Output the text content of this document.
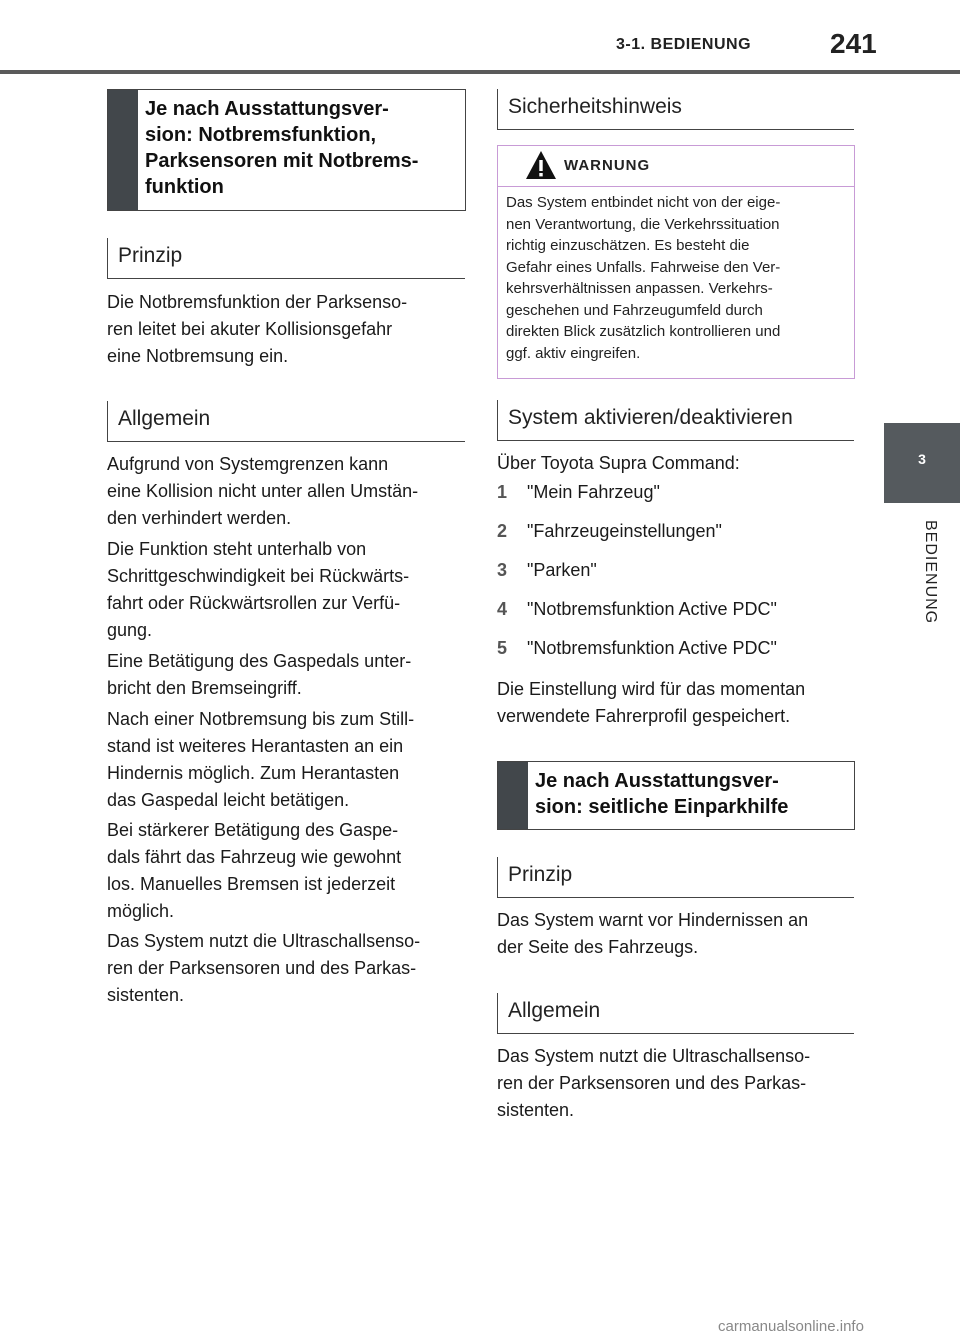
3-1. BEDIENUNG	241
3
BEDIENUNG
Je nach Ausstattungsver-
sion: Notbremsfunktion,
Parksensoren mit Notbrems-
funktion
Prinzip
Die Notbremsfunktion der Parksenso-
ren leitet bei akuter Kollisionsgefahr
eine Notbremsung ein.
Allgemein
Aufgrund von Systemgrenzen kann
eine Kollision nicht unter allen Umstän-
den verhindert werden.
Die Funktion steht unterhalb von
Schrittgeschwindigkeit bei Rückwärts-
fahrt oder Rückwärtsrollen zur Verfü-
gung.
Eine Betätigung des Gaspedals unter-
bricht den Bremseingriff.
Nach einer Notbremsung bis zum Still-
stand ist weiteres Herantasten an ein
Hindernis möglich. Zum Herantasten
das Gaspedal leicht betätigen.
Bei stärkerer Betätigung des Gaspe-
dals fährt das Fahrzeug wie gewohnt
los. Manuelles Bremsen ist jederzeit
möglich.
Das System nutzt die Ultraschallsenso-
ren der Parksensoren und des Parkas-
sistenten.
Sicherheitshinweis
WARNUNG
Das System entbindet nicht von der eige-
nen Verantwortung, die Verkehrssituation
richtig einzuschätzen. Es besteht die
Gefahr eines Unfalls. Fahrweise den Ver-
kehrsverhältnissen anpassen. Verkehrs-
geschehen und Fahrzeugumfeld durch
direkten Blick zusätzlich kontrollieren und
ggf. aktiv eingreifen.
System aktivieren/deaktivieren
Über Toyota Supra Command:
1 "Mein Fahrzeug"
2 "Fahrzeugeinstellungen"
3 "Parken"
4 "Notbremsfunktion Active PDC"
5 "Notbremsfunktion Active PDC"
Die Einstellung wird für das momentan
verwendete Fahrerprofil gespeichert.
Je nach Ausstattungsver-
sion: seitliche Einparkhilfe
Prinzip
Das System warnt vor Hindernissen an
der Seite des Fahrzeugs.
Allgemein
Das System nutzt die Ultraschallsenso-
ren der Parksensoren und des Parkas-
sistenten.
carmanualsonline.info
